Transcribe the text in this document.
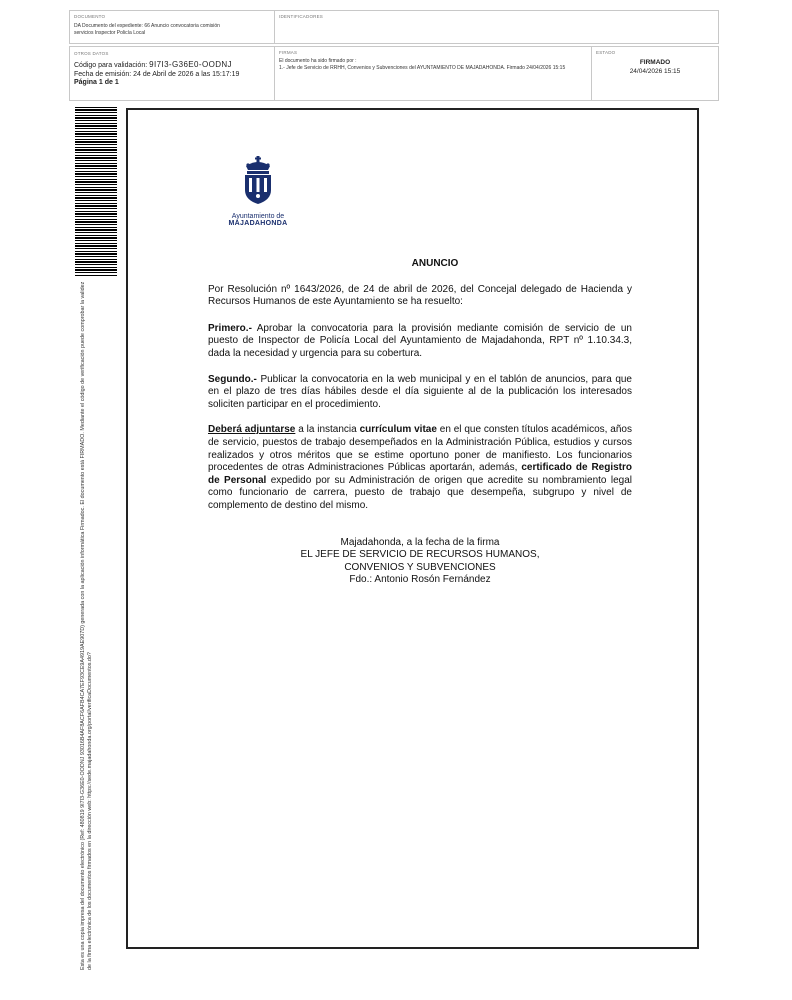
DOCUMENTO
DA Documento del expediente: 66 Anuncio convocatoria comisión servicios Inspector Policía Local
IDENTIFICADORES
OTROS DATOS
Código para validación: 9I7I3-G36E0-OODNJ
Fecha de emisión: 24 de Abril de 2026 a las 15:17:19
Página 1 de 1
FIRMAS
El documento ha sido firmado por :
1.- Jefe de Servicio de RRHH, Convenios y Subvenciones del AYUNTAMIENTO DE MAJADAHONDA. Firmado 24/04/2026 15:15
ESTADO
FIRMADO
24/04/2026 15:15
Esta es una copia impresa del documento electrónico (Ref: 480819 9I7I3-G36E0-OODNJ 93016B4AF8ACF6AFB4CA7EF93CE9A4919AE907D) generada con la aplicación informática Firmadoc. El documento está FIRMADO. Mediante el código de verificación puede comprobar la validez de la firma electrónica de los documentos firmados en la dirección web: https://sede.majadahonda.org/portal/verificaDocumentos.do?
Ayuntamiento de
MAJADAHONDA
ANUNCIO

Por Resolución nº 1643/2026, de 24 de abril de 2026, del Concejal delegado de Hacienda y Recursos Humanos de este Ayuntamiento se ha resuelto:

Primero.- Aprobar la convocatoria para la provisión mediante comisión de servicio de un puesto de Inspector de Policía Local del Ayuntamiento de Majadahonda, RPT nº 1.10.34.3, dada la necesidad y urgencia para su cobertura.

Segundo.- Publicar la convocatoria en la web municipal y en el tablón de anuncios, para que en el plazo de tres días hábiles desde el día siguiente al de la publicación los interesados soliciten participar en el procedimiento.

Deberá adjuntarse a la instancia currículum vitae en el que consten títulos académicos, años de servicio, puestos de trabajo desempeñados en la Administración Pública, estudios y cursos realizados y otros méritos que se estime oportuno poner de manifiesto. Los funcionarios procedentes de otras Administraciones Públicas aportarán, además, certificado de Registro de Personal expedido por su Administración de origen que acredite su nombramiento legal como funcionario de carrera, puesto de trabajo que desempeña, subgrupo y nivel de complemento de destino del mismo.

Majadahonda, a la fecha de la firma
EL JEFE DE SERVICIO DE RECURSOS HUMANOS,
CONVENIOS Y SUBVENCIONES
Fdo.: Antonio Rosón Fernández
